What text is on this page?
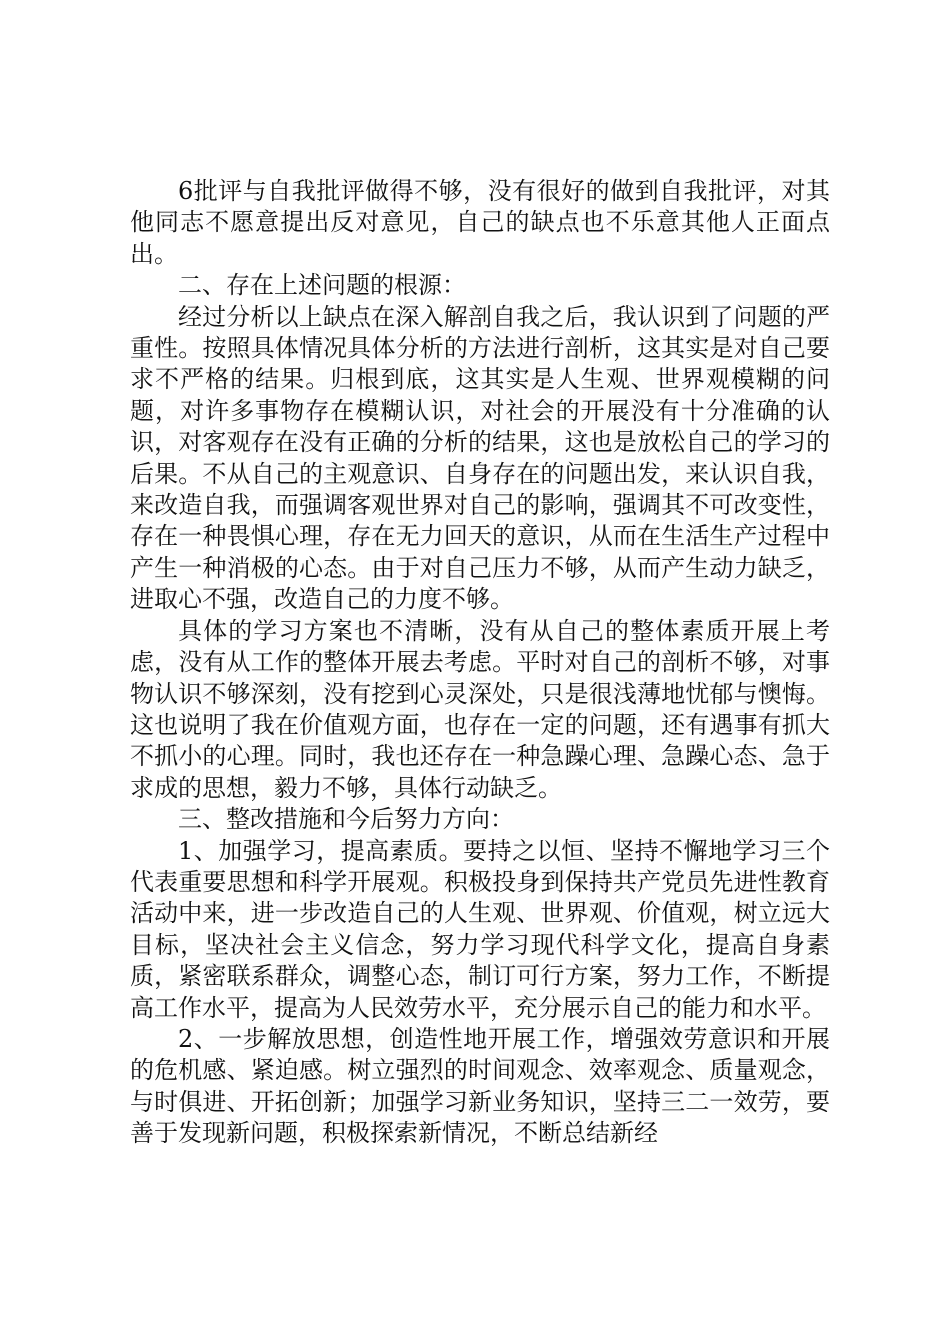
6批评与自我批评做得不够，没有很好的做到自我批评，对其他同志不愿意提出反对意见，自己的缺点也不乐意其他人正面点出。

二、存在上述问题的根源：

经过分析以上缺点在深入解剖自我之后，我认识到了问题的严重性。按照具体情况具体分析的方法进行剖析，这其实是对自己要求不严格的结果。归根到底，这其实是人生观、世界观模糊的问题，对许多事物存在模糊认识，对社会的开展没有十分准确的认识，对客观存在没有正确的分析的结果，这也是放松自己的学习的后果。不从自己的主观意识、自身存在的问题出发，来认识自我，来改造自我，而强调客观世界对自己的影响，强调其不可改变性，存在一种畏惧心理，存在无力回天的意识，从而在生活生产过程中产生一种消极的心态。由于对自己压力不够，从而产生动力缺乏，进取心不强，改造自己的力度不够。

具体的学习方案也不清晰，没有从自己的整体素质开展上考虑，没有从工作的整体开展去考虑。平时对自己的剖析不够，对事物认识不够深刻，没有挖到心灵深处，只是很浅薄地忧郁与懊悔。这也说明了我在价值观方面，也存在一定的问题，还有遇事有抓大不抓小的心理。同时，我也还存在一种急躁心理、急躁心态、急于求成的思想，毅力不够，具体行动缺乏。

三、整改措施和今后努力方向：

1、加强学习，提高素质。要持之以恒、坚持不懈地学习三个代表重要思想和科学开展观。积极投身到保持共产党员先进性教育活动中来，进一步改造自己的人生观、世界观、价值观，树立远大目标，坚决社会主义信念，努力学习现代科学文化，提高自身素质，紧密联系群众，调整心态，制订可行方案，努力工作，不断提高工作水平，提高为人民效劳水平，充分展示自己的能力和水平。

2、一步解放思想，创造性地开展工作，增强效劳意识和开展的危机感、紧迫感。树立强烈的时间观念、效率观念、质量观念，与时俱进、开拓创新；加强学习新业务知识，坚持三二一效劳，要善于发现新问题，积极探索新情况，不断总结新经
